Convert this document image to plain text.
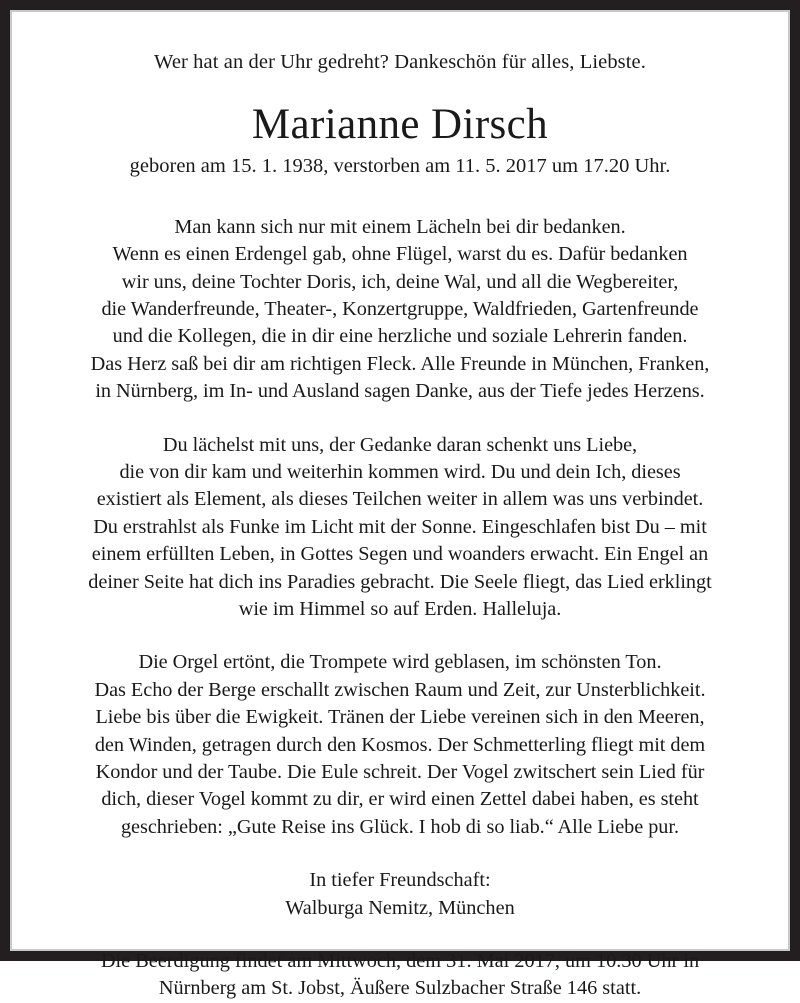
Wer hat an der Uhr gedreht? Dankeschön für alles, Liebste.

Marianne Dirsch

geboren am 15. 1. 1938, verstorben am 11. 5. 2017 um 17.20 Uhr.

Man kann sich nur mit einem Lächeln bei dir bedanken.
Wenn es einen Erdengel gab, ohne Flügel, warst du es. Dafür bedanken
wir uns, deine Tochter Doris, ich, deine Wal, und all die Wegbereiter,
die Wanderfreunde, Theater-, Konzertgruppe, Waldfrieden, Gartenfreunde
und die Kollegen, die in dir eine herzliche und soziale Lehrerin fanden.
Das Herz saß bei dir am richtigen Fleck. Alle Freunde in München, Franken,
in Nürnberg, im In- und Ausland sagen Danke, aus der Tiefe jedes Herzens.

Du lächelst mit uns, der Gedanke daran schenkt uns Liebe,
die von dir kam und weiterhin kommen wird. Du und dein Ich, dieses
existiert als Element, als dieses Teilchen weiter in allem was uns verbindet.
Du erstrahlst als Funke im Licht mit der Sonne. Eingeschlafen bist Du – mit
einem erfüllten Leben, in Gottes Segen und woanders erwacht. Ein Engel an
deiner Seite hat dich ins Paradies gebracht. Die Seele fliegt, das Lied erklingt
wie im Himmel so auf Erden. Halleluja.

Die Orgel ertönt, die Trompete wird geblasen, im schönsten Ton.
Das Echo der Berge erschallt zwischen Raum und Zeit, zur Unsterblichkeit.
Liebe bis über die Ewigkeit. Tränen der Liebe vereinen sich in den Meeren,
den Winden, getragen durch den Kosmos. Der Schmetterling fliegt mit dem
Kondor und der Taube. Die Eule schreit. Der Vogel zwitschert sein Lied für
dich, dieser Vogel kommt zu dir, er wird einen Zettel dabei haben, es steht
geschrieben: „Gute Reise ins Glück. I hob di so liab.“ Alle Liebe pur.

In tiefer Freundschaft:
Walburga Nemitz, München

Die Beerdigung findet am Mittwoch, dem 31. Mai 2017, um 10.30 Uhr in
Nürnberg am St. Jobst, Äußere Sulzbacher Straße 146 statt.
